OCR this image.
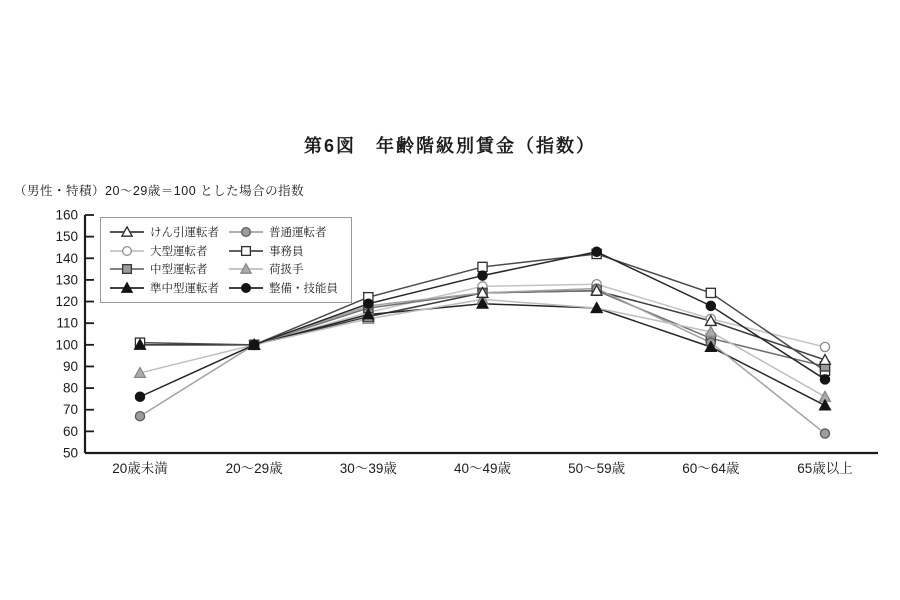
第6図　年齢階級別賃金（指数）
（男性・特積）20～29歳＝100 とした場合の指数
50
60
70
80
90
100
110
120
130
140
150
160
20歳未満	20～29歳	30～39歳	40～49歳	50～59歳	60～64歳	65歳以上
けん引運転者
大型運転者
中型運転者
準中型運転者
普通運転者
事務員
荷扱手
整備・技能員
